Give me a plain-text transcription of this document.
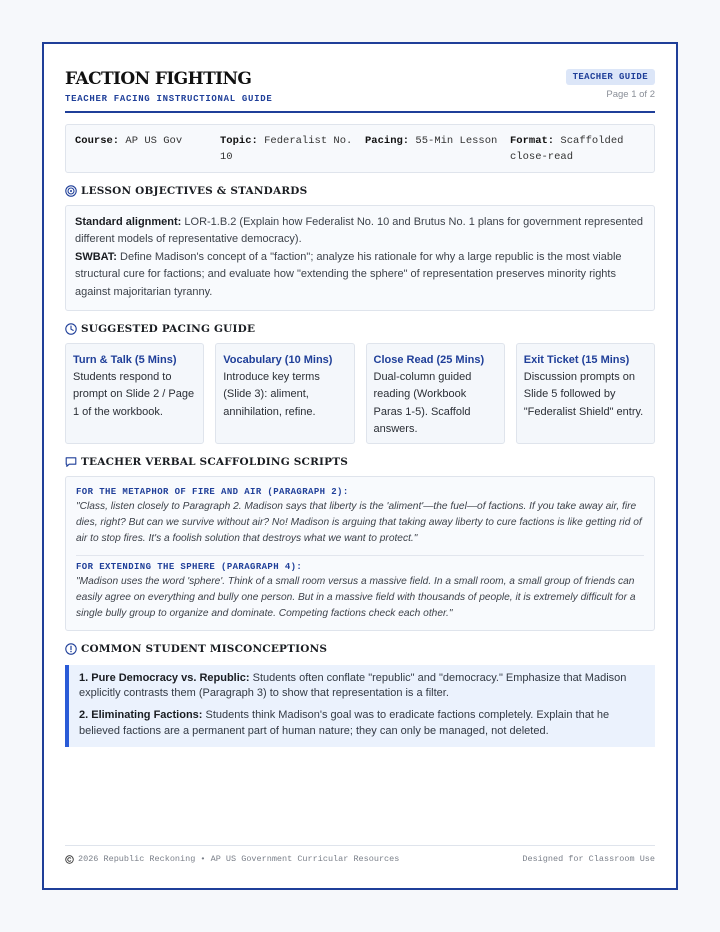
FACTION FIGHTING
TEACHER FACING INSTRUCTIONAL GUIDE
TEACHER GUIDE
Page 1 of 2
Course: AP US Gov	Topic: Federalist No. 10
Pacing: 55-Min Lesson	Format: Scaffolded close-read
LESSON OBJECTIVES & STANDARDS
Standard alignment: LOR-1.B.2 (Explain how Federalist No. 10 and Brutus No. 1 plans for government represented different models of representative democracy).
SWBAT: Define Madison's concept of a "faction"; analyze his rationale for why a large republic is the most viable structural cure for factions; and evaluate how "extending the sphere" of representation preserves minority rights against majoritarian tyranny.
SUGGESTED PACING GUIDE
Turn & Talk (5 Mins)
Students respond to prompt on Slide 2 / Page 1 of the workbook.
Vocabulary (10 Mins)
Introduce key terms (Slide 3): aliment, annihilation, refine.
Close Read (25 Mins)
Dual-column guided reading (Workbook Paras 1-5). Scaffold answers.
Exit Ticket (15 Mins)
Discussion prompts on Slide 5 followed by "Federalist Shield" entry.
TEACHER VERBAL SCAFFOLDING SCRIPTS
FOR THE METAPHOR OF FIRE AND AIR (PARAGRAPH 2):
"Class, listen closely to Paragraph 2. Madison says that liberty is the 'aliment'—the fuel—of factions. If you take away air, fire dies, right? But can we survive without air? No! Madison is arguing that taking away liberty to cure factions is like getting rid of air to stop fires. It's a foolish solution that destroys what we want to protect."
FOR EXTENDING THE SPHERE (PARAGRAPH 4):
"Madison uses the word 'sphere'. Think of a small room versus a massive field. In a small room, a small group of friends can easily agree on everything and bully one person. But in a massive field with thousands of people, it is extremely difficult for a single bully group to organize and dominate. Competing factions check each other."
COMMON STUDENT MISCONCEPTIONS
1. Pure Democracy vs. Republic: Students often conflate "republic" and "democracy." Emphasize that Madison explicitly contrasts them (Paragraph 3) to show that representation is a filter.
2. Eliminating Factions: Students think Madison's goal was to eradicate factions completely. Explain that he believed factions are a permanent part of human nature; they can only be managed, not deleted.
2026 Republic Reckoning • AP US Government Curricular Resources	Designed for Classroom Use
